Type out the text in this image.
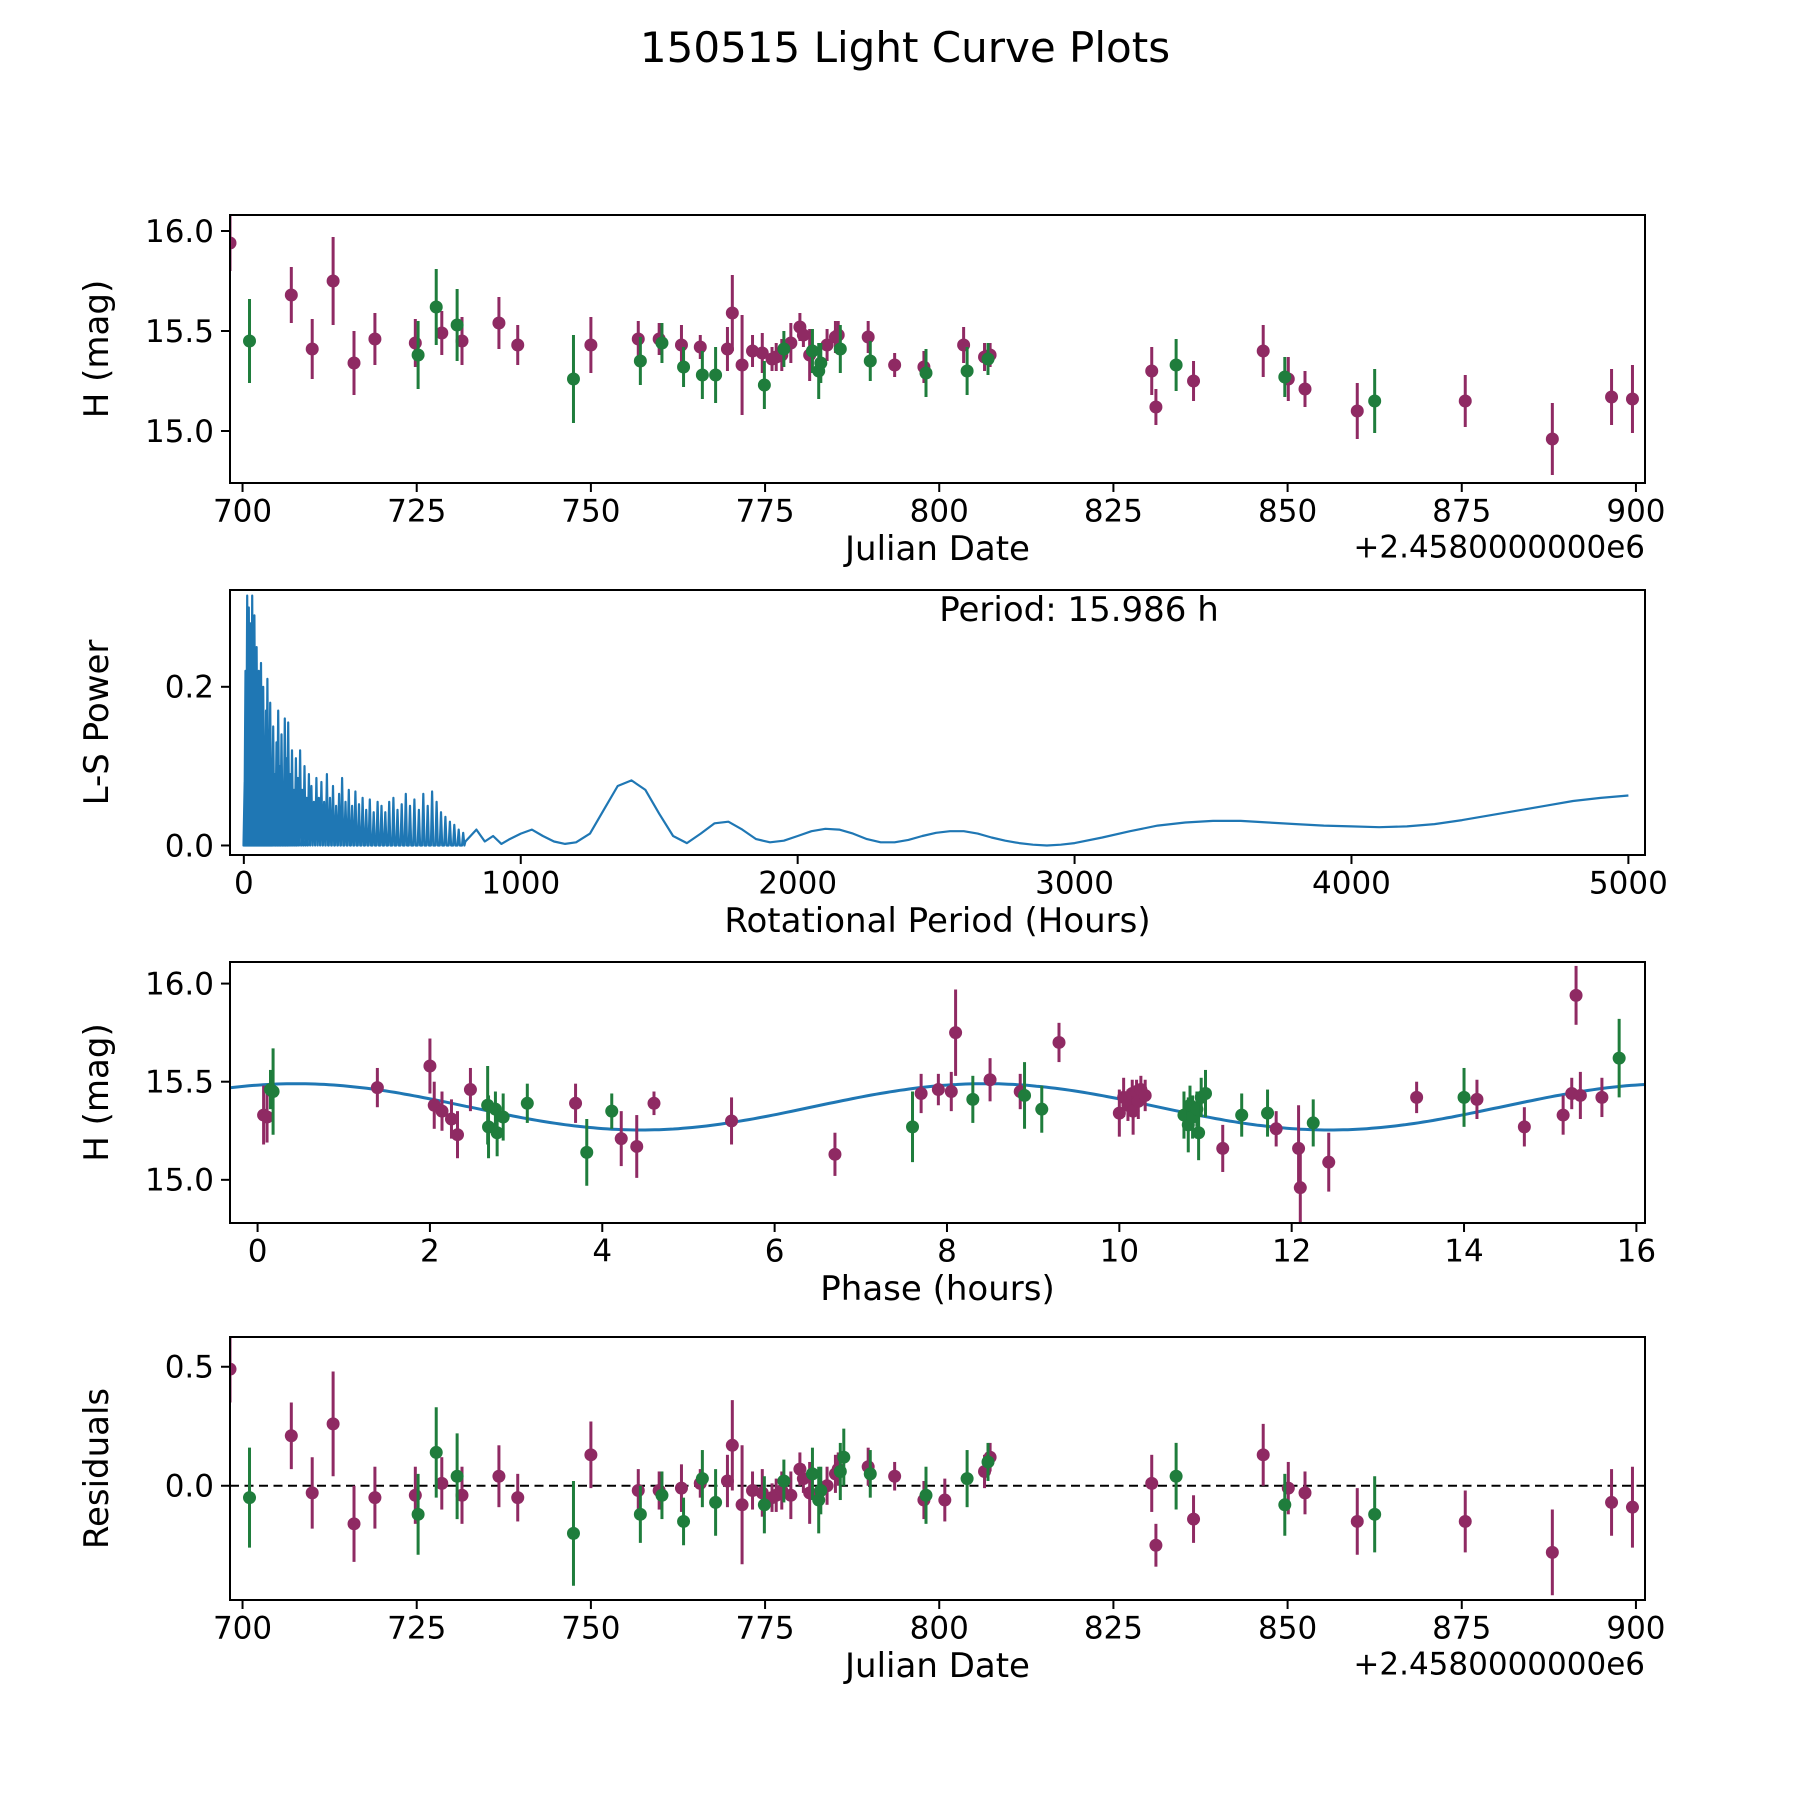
150515 Light Curve Plots
700	725	750	775	800	825	850	875	900
15.0
15.5
16.0
Julian Date	+2.4580000000e6
H (mag)
0	1000	2000	3000	4000	5000
0.0
0.2
Rotational Period (Hours)
L-S Power
Period: 15.986 h
0	2	4	6	8	10	12	14	16
15.0
15.5
16.0
Phase (hours)
H (mag)
700	725	750	775	800	825	850	875	900
0.0
0.5
Julian Date	+2.4580000000e6
Residuals
